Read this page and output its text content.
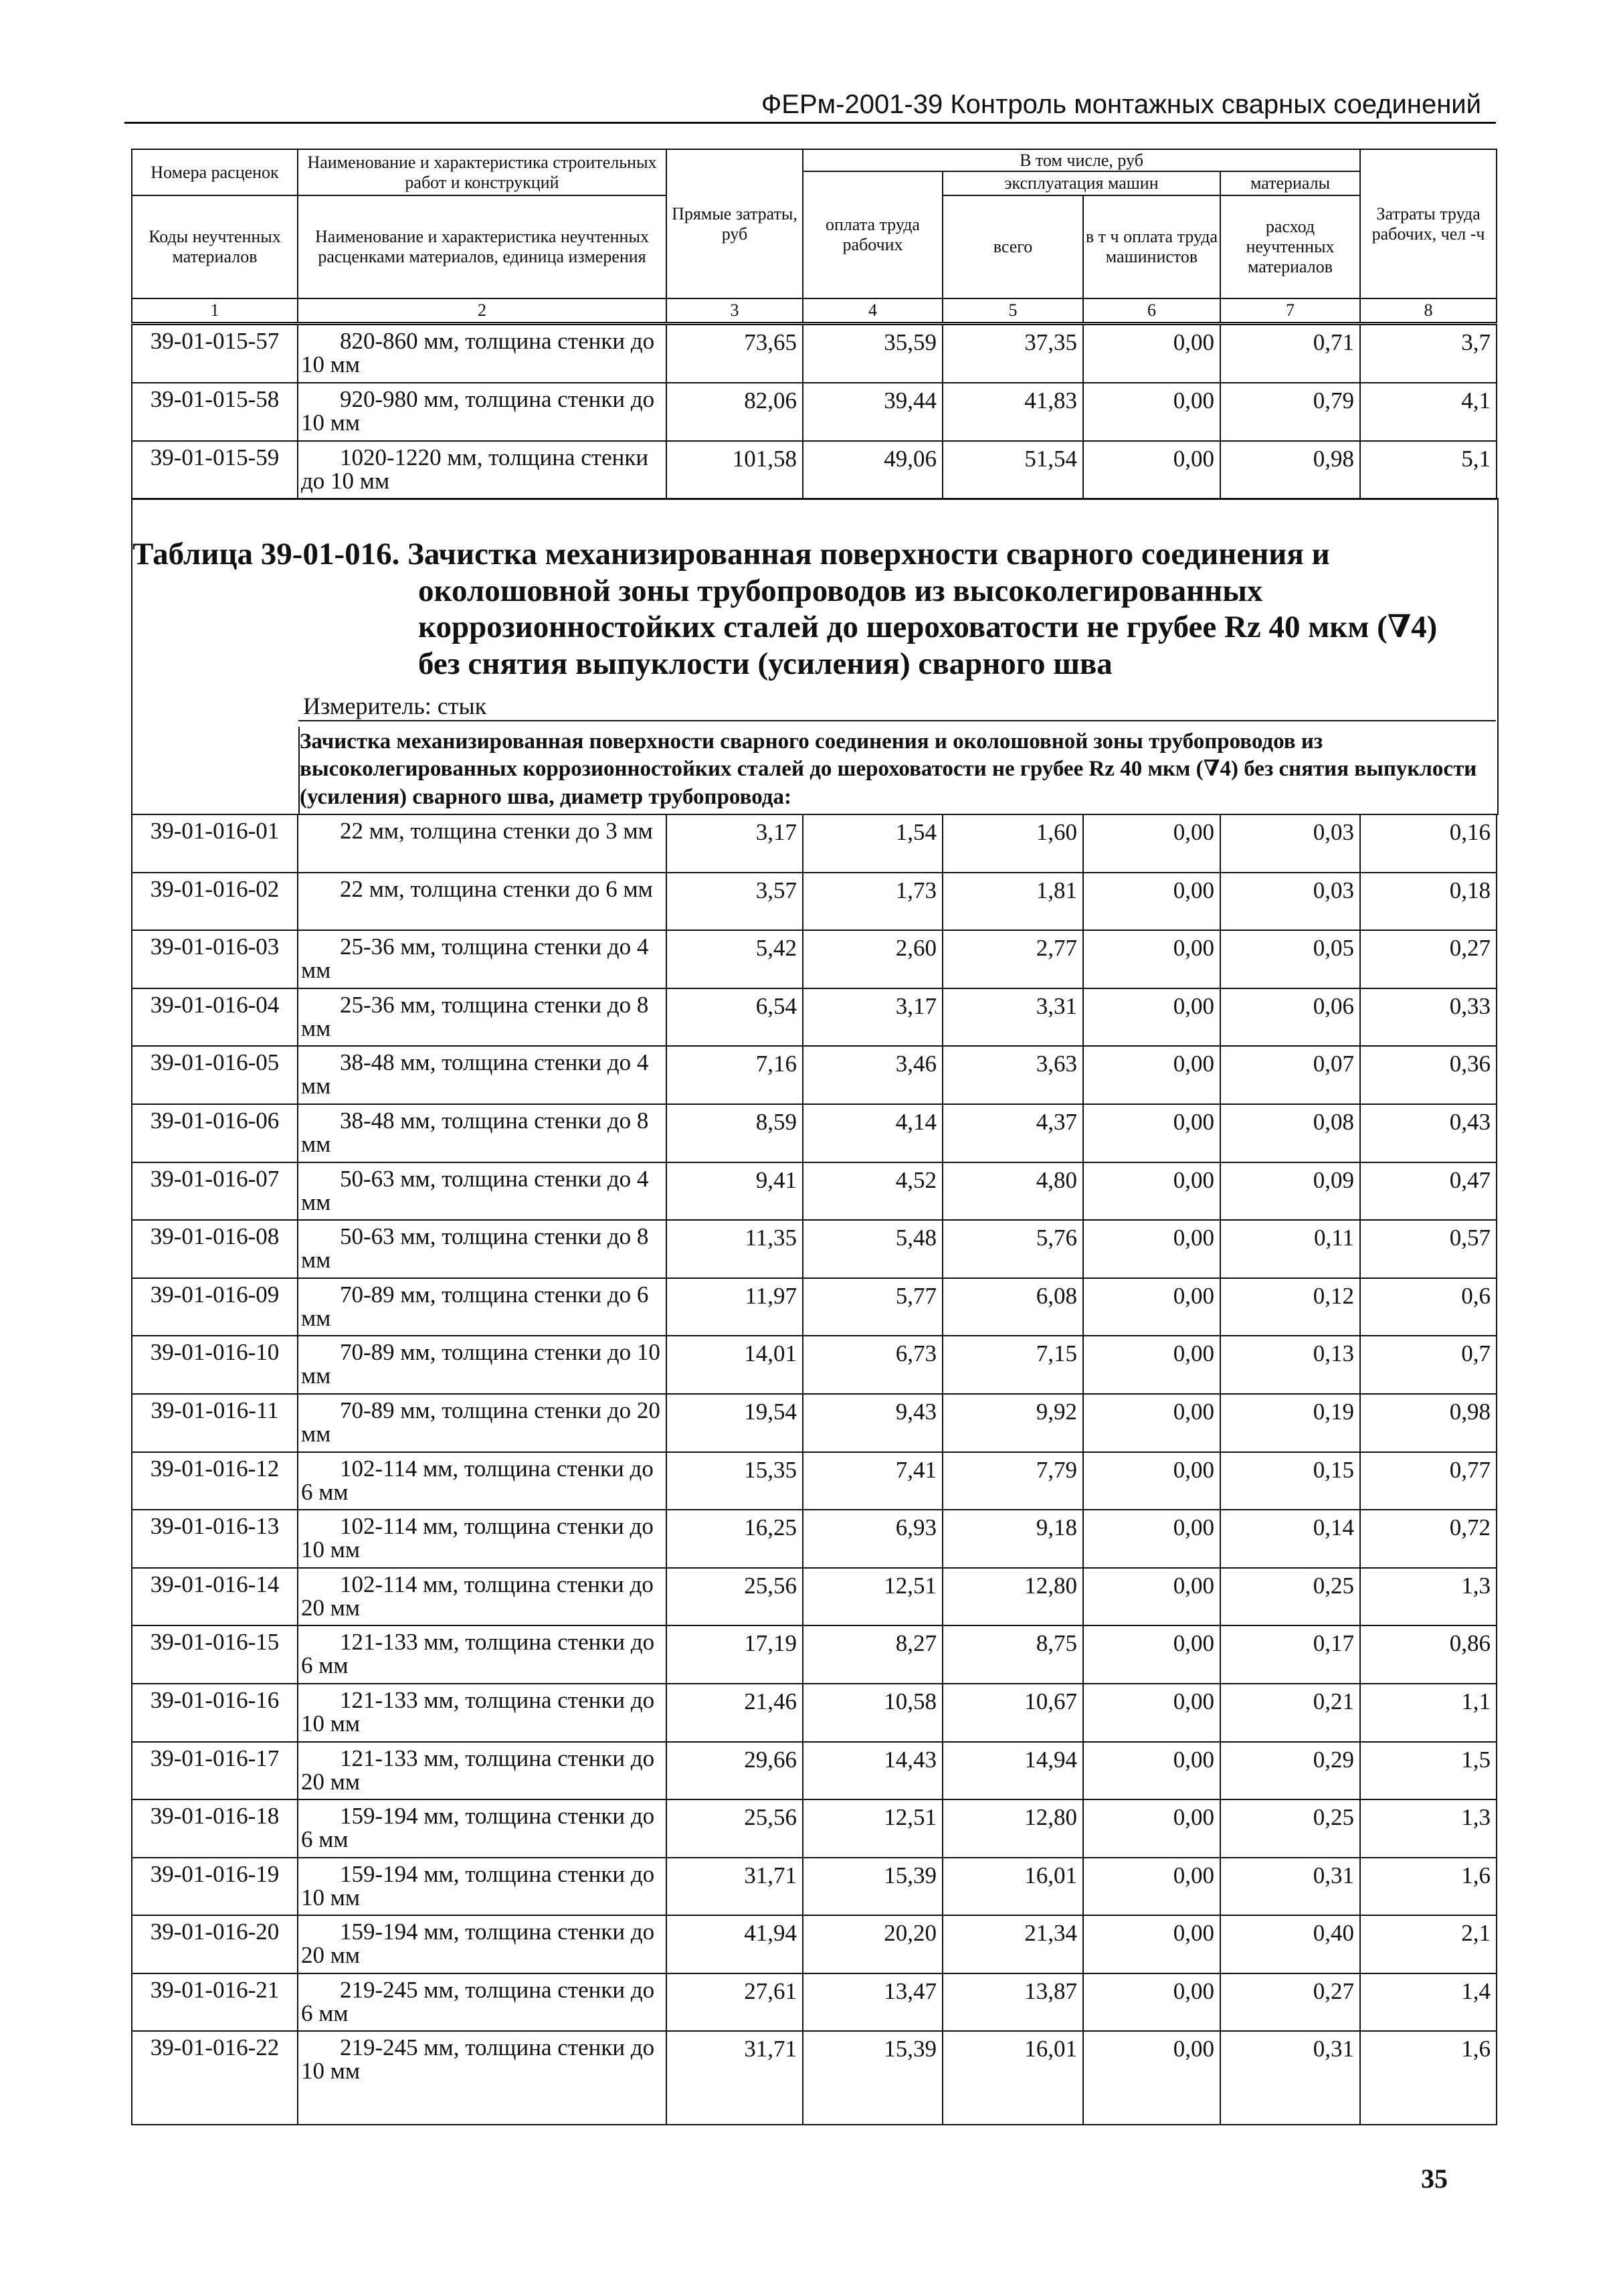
ФЕРм-2001-39 Контроль монтажных сварных соединений
Номера расценок	Наименование и характеристика строительных работ и конструкций	Прямые затраты, руб	В том числе, руб				Затраты труда рабочих, чел -ч
			оплата труда рабочих	эксплуатация машин		материалы	
Коды неучтенных материалов	Наименование и характеристика неучтенных расценками материалов, единица измерения			всего	в т ч оплата труда машинистов	расход неучтенных материалов	

1	2	3	4	5	6	7	8
39-01-015-57	820-860 мм, толщина стенки до 10 мм	73,65	35,59	37,35	0,00	0,71	3,7
39-01-015-58	920-980 мм, толщина стенки до 10 мм	82,06	39,44	41,83	0,00	0,79	4,1
39-01-015-59	1020-1220 мм, толщина стенки до 10 мм	101,58	49,06	51,54	0,00	0,98	5,1
Таблица 39-01-016. Зачистка механизированная поверхности сварного соединения и
околошовной зоны трубопроводов из высоколегированных
коррозионностойких сталей до шероховатости не грубее Rz 40 мкм (∇4)
без снятия выпуклости (усиления) сварного шва
Измеритель: стык
Зачистка механизированная поверхности сварного соединения и околошовной зоны трубопроводов из высоколегированных коррозионностойких сталей до шероховатости не грубее Rz 40 мкм (∇4) без снятия выпуклости (усиления) сварного шва, диаметр трубопровода:
39-01-016-01	22 мм, толщина стенки до 3 мм	3,17	1,54	1,60	0,00	0,03	0,16
39-01-016-02	22 мм, толщина стенки до 6 мм	3,57	1,73	1,81	0,00	0,03	0,18
39-01-016-03	25-36 мм, толщина стенки до 4 мм	5,42	2,60	2,77	0,00	0,05	0,27
39-01-016-04	25-36 мм, толщина стенки до 8 мм	6,54	3,17	3,31	0,00	0,06	0,33
39-01-016-05	38-48 мм, толщина стенки до 4 мм	7,16	3,46	3,63	0,00	0,07	0,36
39-01-016-06	38-48 мм, толщина стенки до 8 мм	8,59	4,14	4,37	0,00	0,08	0,43
39-01-016-07	50-63 мм, толщина стенки до 4 мм	9,41	4,52	4,80	0,00	0,09	0,47
39-01-016-08	50-63 мм, толщина стенки до 8 мм	11,35	5,48	5,76	0,00	0,11	0,57
39-01-016-09	70-89 мм, толщина стенки до 6 мм	11,97	5,77	6,08	0,00	0,12	0,6
39-01-016-10	70-89 мм, толщина стенки до 10 мм	14,01	6,73	7,15	0,00	0,13	0,7
39-01-016-11	70-89 мм, толщина стенки до 20 мм	19,54	9,43	9,92	0,00	0,19	0,98
39-01-016-12	102-114 мм, толщина стенки до 6 мм	15,35	7,41	7,79	0,00	0,15	0,77
39-01-016-13	102-114 мм, толщина стенки до 10 мм	16,25	6,93	9,18	0,00	0,14	0,72
39-01-016-14	102-114 мм, толщина стенки до 20 мм	25,56	12,51	12,80	0,00	0,25	1,3
39-01-016-15	121-133 мм, толщина стенки до 6 мм	17,19	8,27	8,75	0,00	0,17	0,86
39-01-016-16	121-133 мм, толщина стенки до 10 мм	21,46	10,58	10,67	0,00	0,21	1,1
39-01-016-17	121-133 мм, толщина стенки до 20 мм	29,66	14,43	14,94	0,00	0,29	1,5
39-01-016-18	159-194 мм, толщина стенки до 6 мм	25,56	12,51	12,80	0,00	0,25	1,3
39-01-016-19	159-194 мм, толщина стенки до 10 мм	31,71	15,39	16,01	0,00	0,31	1,6
39-01-016-20	159-194 мм, толщина стенки до 20 мм	41,94	20,20	21,34	0,00	0,40	2,1
39-01-016-21	219-245 мм, толщина стенки до 6 мм	27,61	13,47	13,87	0,00	0,27	1,4
39-01-016-22	219-245 мм, толщина стенки до 10 мм	31,71	15,39	16,01	0,00	0,31	1,6
35
